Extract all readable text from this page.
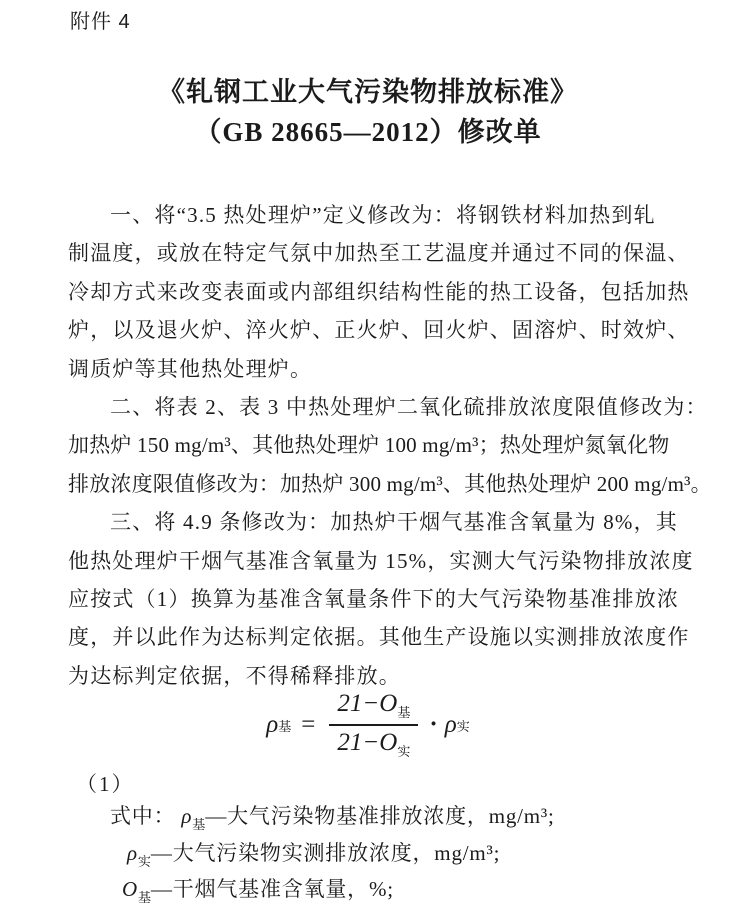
附件 4
《轧钢工业大气污染物排放标准》
（GB 28665—2012）修改单
一、将“3.5 热处理炉”定义修改为：将钢铁材料加热到轧
制温度，或放在特定气氛中加热至工艺温度并通过不同的保温、
冷却方式来改变表面或内部组织结构性能的热工设备，包括加热
炉，以及退火炉、淬火炉、正火炉、回火炉、固溶炉、时效炉、
调质炉等其他热处理炉。
二、将表 2、表 3 中热处理炉二氧化硫排放浓度限值修改为：
加热炉 150 mg/m³、其他热处理炉 100 mg/m³；热处理炉氮氧化物
排放浓度限值修改为：加热炉 300 mg/m³、其他热处理炉 200 mg/m³。
三、将 4.9 条修改为：加热炉干烟气基准含氧量为 8%，其
他热处理炉干烟气基准含氧量为 15%，实测大气污染物排放浓度
应按式（1）换算为基准含氧量条件下的大气污染物基准排放浓
度，并以此作为达标判定依据。其他生产设施以实测排放浓度作
为达标判定依据，不得稀释排放。
ρ 基 = $\frac{21-O_基}{21-O_实} \cdot \rho$ 实
（1）
式中： $\rho_基—$大气污染物基准排放浓度，mg/m³;
$\rho_实—$大气污染物实测排放浓度，mg/m³;
$O_基—$干烟气基准含氧量，%;
